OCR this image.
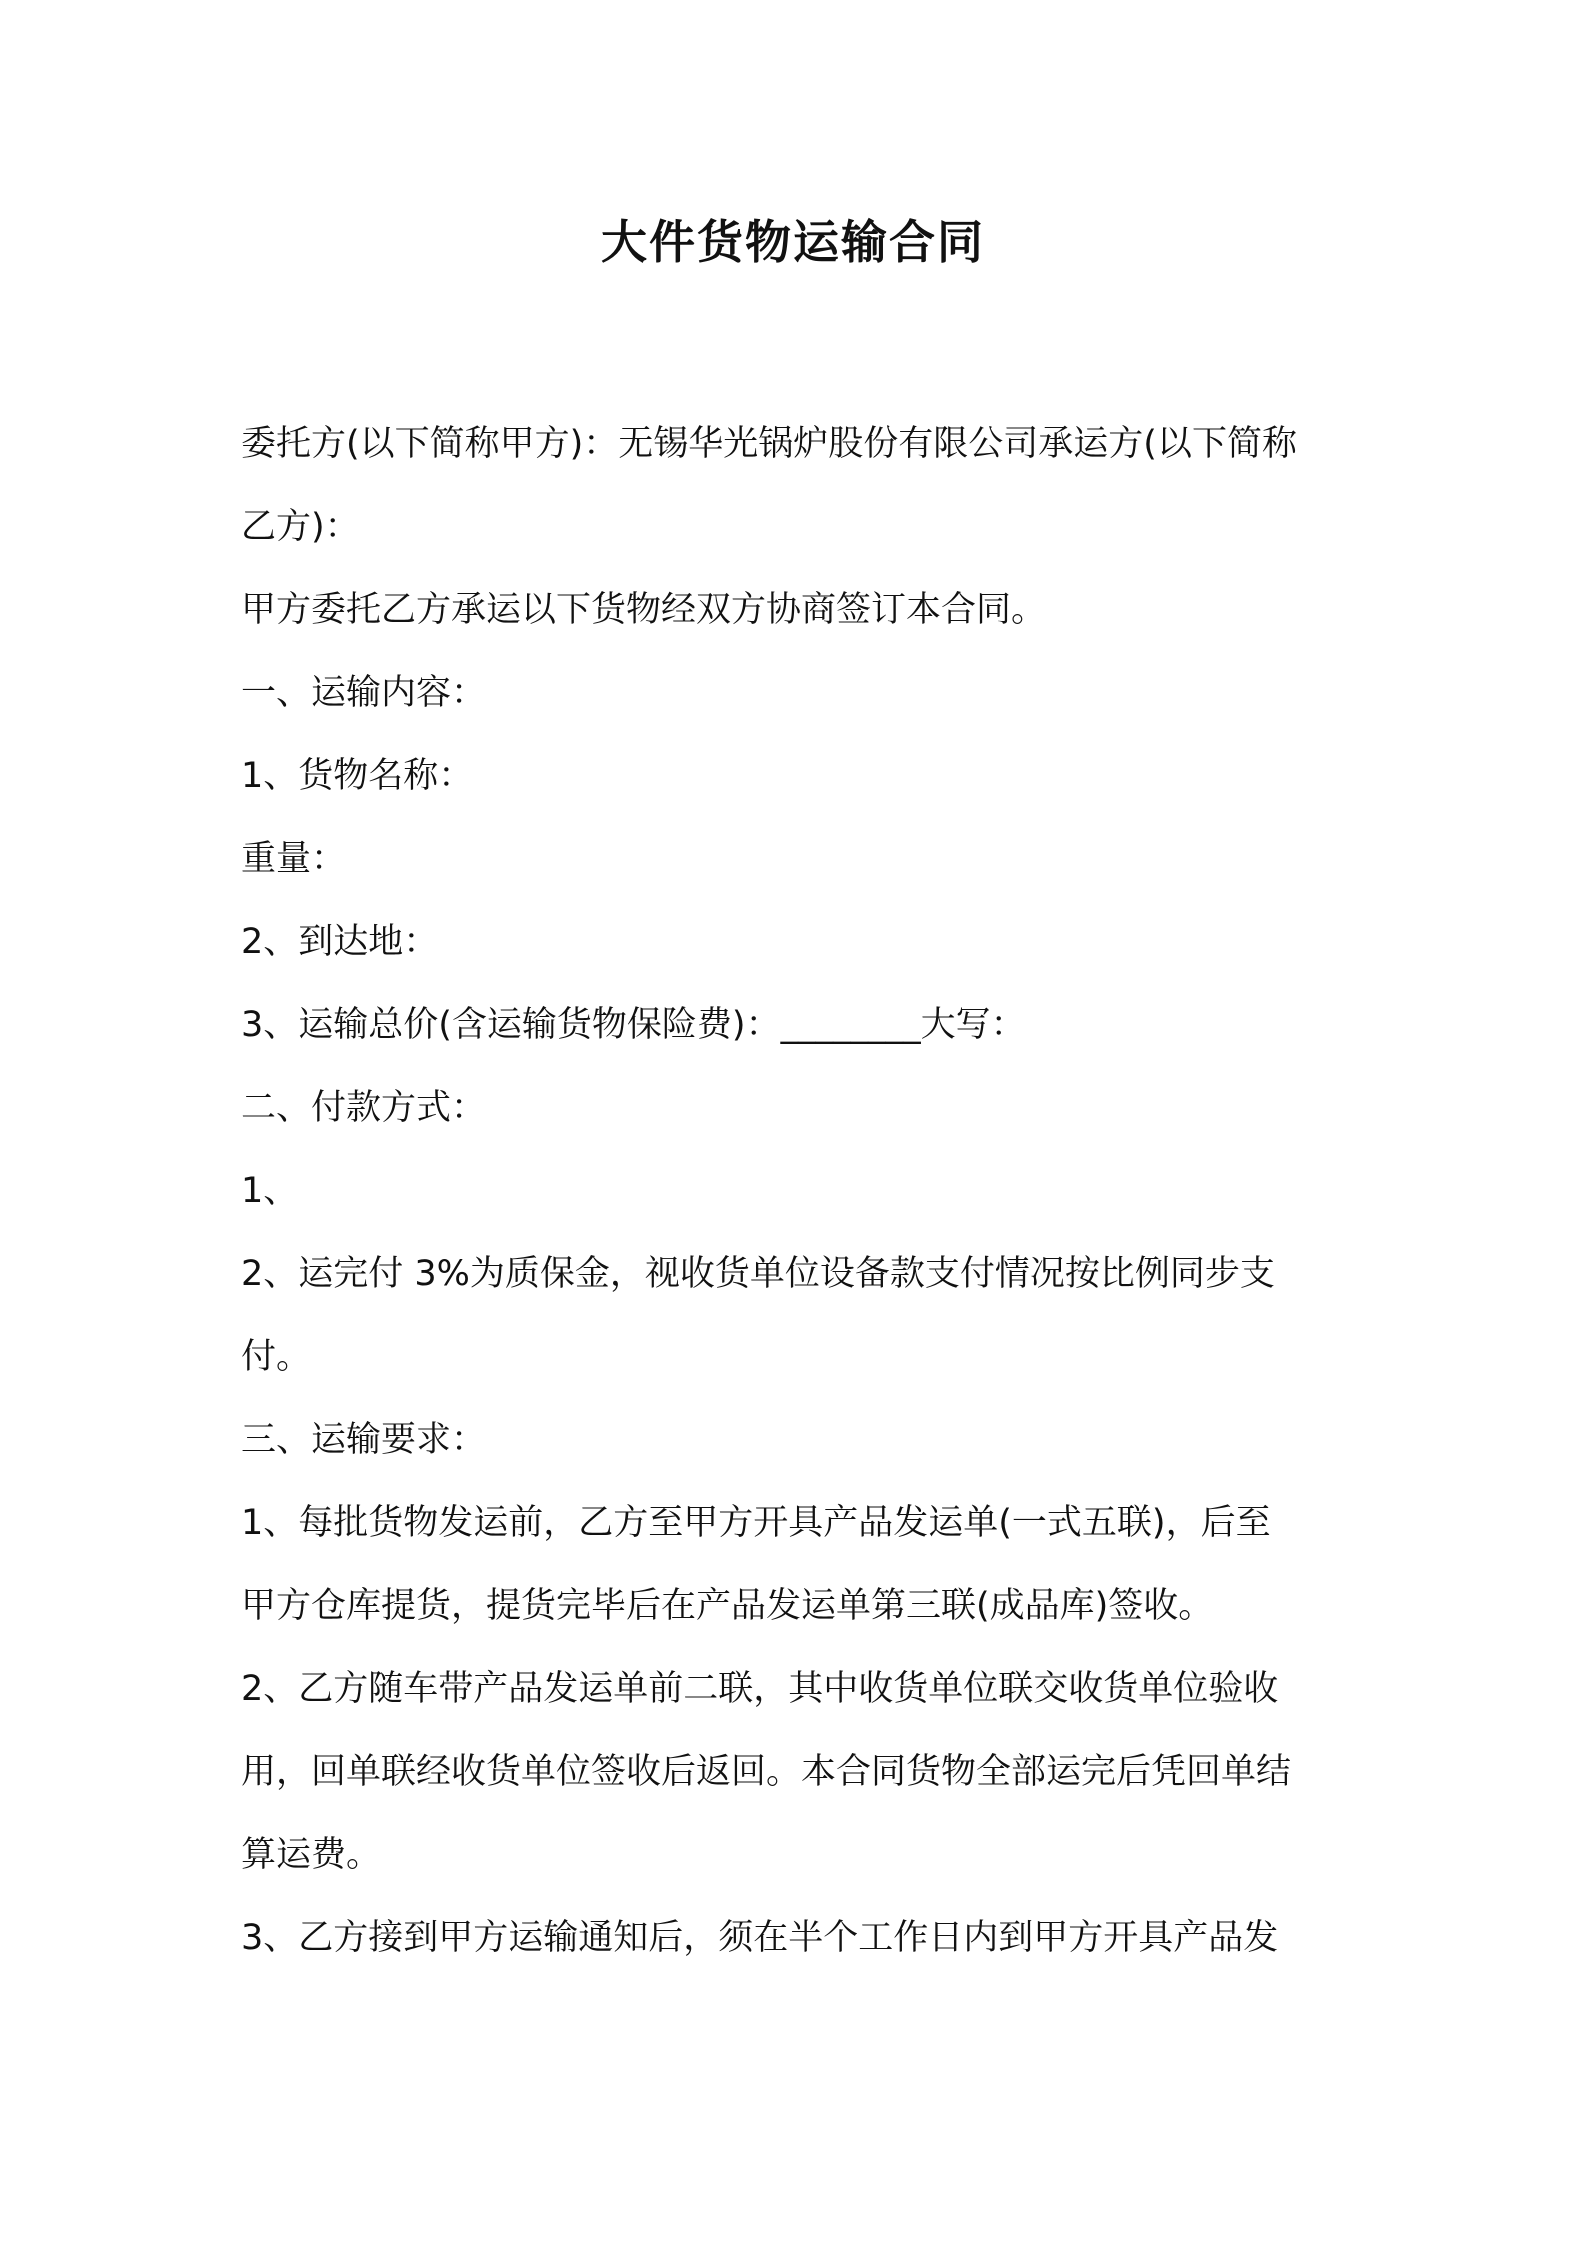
大件货物运输合同

委托方(以下简称甲方)：无锡华光锅炉股份有限公司承运方(以下简称

乙方)：

甲方委托乙方承运以下货物经双方协商签订本合同。

一、运输内容：

1、货物名称：

重量：

2、到达地：

3、运输总价(含运输货物保险费)：________大写：

二、付款方式：

1、

2、运完付 3%为质保金，视收货单位设备款支付情况按比例同步支

付。

三、运输要求：

1、每批货物发运前，乙方至甲方开具产品发运单(一式五联)，后至

甲方仓库提货，提货完毕后在产品发运单第三联(成品库)签收。

2、乙方随车带产品发运单前二联，其中收货单位联交收货单位验收

用，回单联经收货单位签收后返回。本合同货物全部运完后凭回单结

算运费。

3、乙方接到甲方运输通知后，须在半个工作日内到甲方开具产品发
